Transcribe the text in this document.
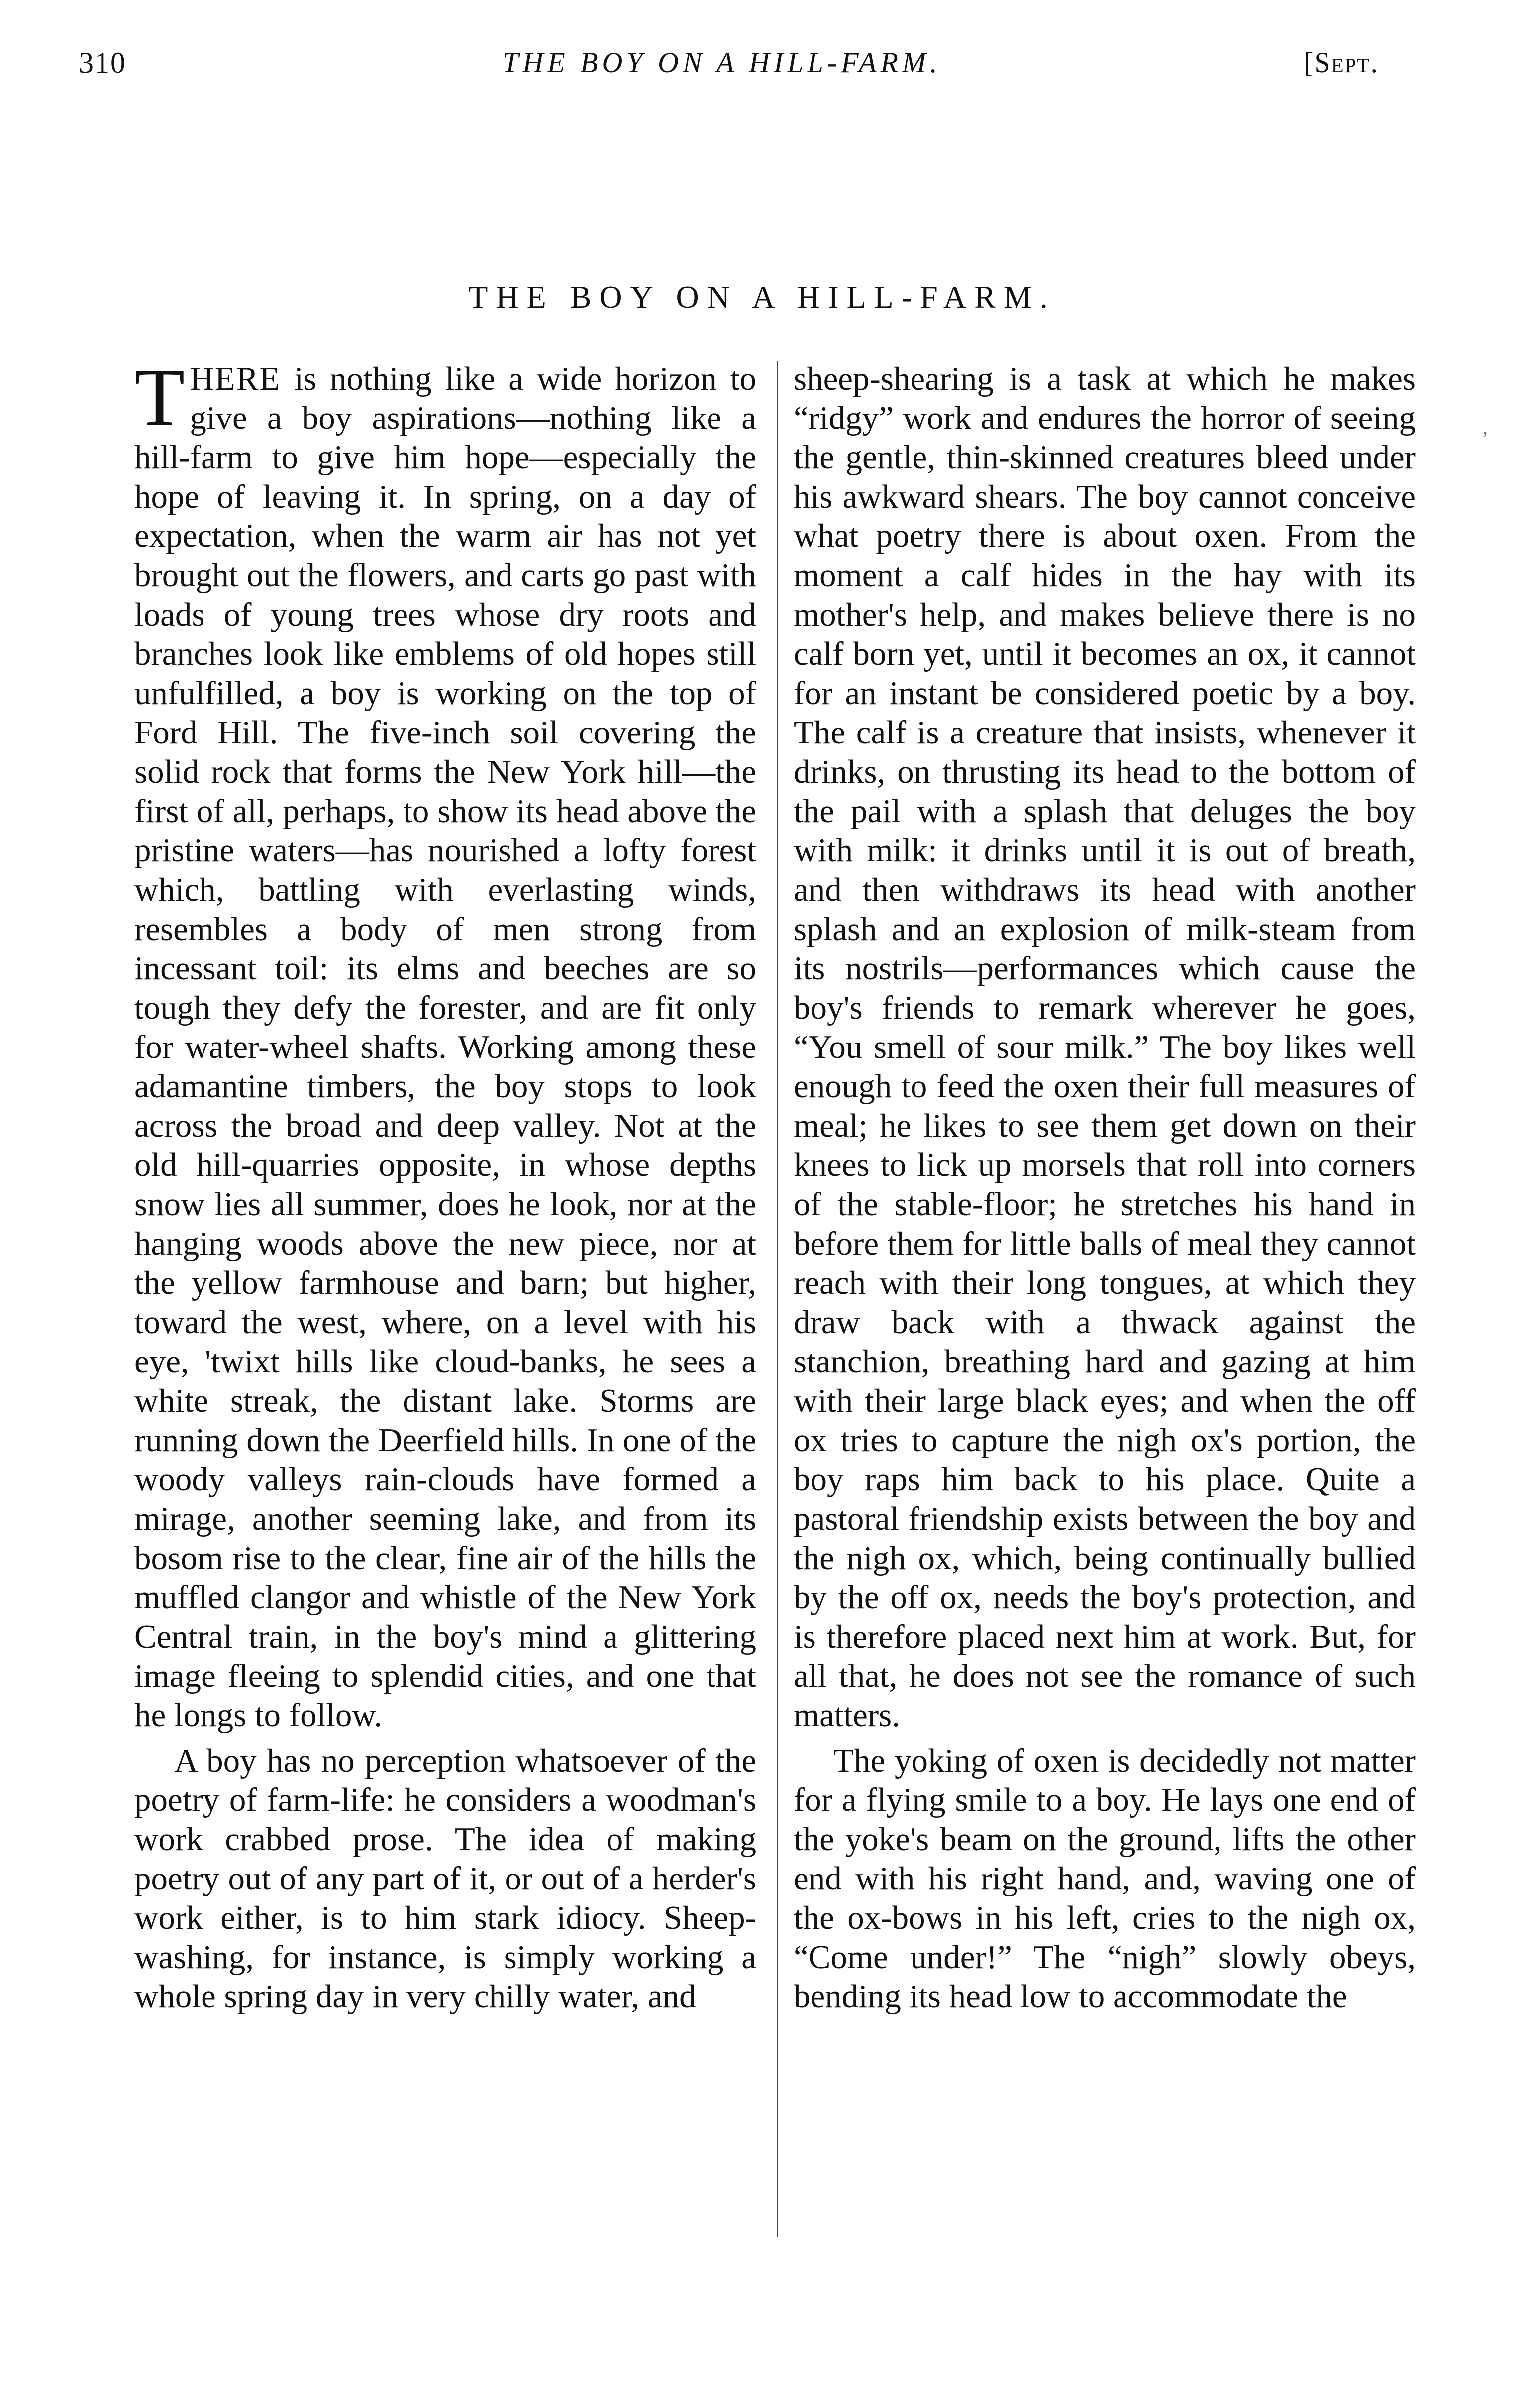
310	THE BOY ON A HILL-FARM.	[Sept.
THE BOY ON A HILL-FARM.

THERE is nothing like a wide horizon to give a boy aspirations—nothing like a hill-farm to give him hope—especially the hope of leaving it. In spring, on a day of expectation, when the warm air has not yet brought out the flowers, and carts go past with loads of young trees whose dry roots and branches look like emblems of old hopes still unfulfilled, a boy is working on the top of Ford Hill. The five-inch soil covering the solid rock that forms the New York hill—the first of all, perhaps, to show its head above the pristine waters—has nourished a lofty forest which, battling with everlasting winds, resembles a body of men strong from incessant toil: its elms and beeches are so tough they defy the forester, and are fit only for water-wheel shafts. Working among these adamantine timbers, the boy stops to look across the broad and deep valley. Not at the old hill-quarries opposite, in whose depths snow lies all summer, does he look, nor at the hanging woods above the new piece, nor at the yellow farmhouse and barn; but higher, toward the west, where, on a level with his eye, 'twixt hills like cloud-banks, he sees a white streak, the distant lake. Storms are running down the Deerfield hills. In one of the woody valleys rain-clouds have formed a mirage, another seeming lake, and from its bosom rise to the clear, fine air of the hills the muffled clangor and whistle of the New York Central train, in the boy's mind a glittering image fleeing to splendid cities, and one that he longs to follow.

A boy has no perception whatsoever of the poetry of farm-life: he considers a woodman's work crabbed prose. The idea of making poetry out of any part of it, or out of a herder's work either, is to him stark idiocy. Sheep-washing, for instance, is simply working a whole spring day in very chilly water, and

sheep-shearing is a task at which he makes “ridgy” work and endures the horror of seeing the gentle, thin-skinned creatures bleed under his awkward shears. The boy cannot conceive what poetry there is about oxen. From the moment a calf hides in the hay with its mother's help, and makes believe there is no calf born yet, until it becomes an ox, it cannot for an instant be considered poetic by a boy. The calf is a creature that insists, whenever it drinks, on thrusting its head to the bottom of the pail with a splash that deluges the boy with milk: it drinks until it is out of breath, and then withdraws its head with another splash and an explosion of milk-steam from its nostrils—performances which cause the boy's friends to remark wherever he goes, “You smell of sour milk.” The boy likes well enough to feed the oxen their full measures of meal; he likes to see them get down on their knees to lick up morsels that roll into corners of the stable-floor; he stretches his hand in before them for little balls of meal they cannot reach with their long tongues, at which they draw back with a thwack against the stanchion, breathing hard and gazing at him with their large black eyes; and when the off ox tries to capture the nigh ox's portion, the boy raps him back to his place. Quite a pastoral friendship exists between the boy and the nigh ox, which, being continually bullied by the off ox, needs the boy's protection, and is therefore placed next him at work. But, for all that, he does not see the romance of such matters.

The yoking of oxen is decidedly not matter for a flying smile to a boy. He lays one end of the yoke's beam on the ground, lifts the other end with his right hand, and, waving one of the ox-bows in his left, cries to the nigh ox, “Come under!” The “nigh” slowly obeys, bending its head low to accommodate the

’
